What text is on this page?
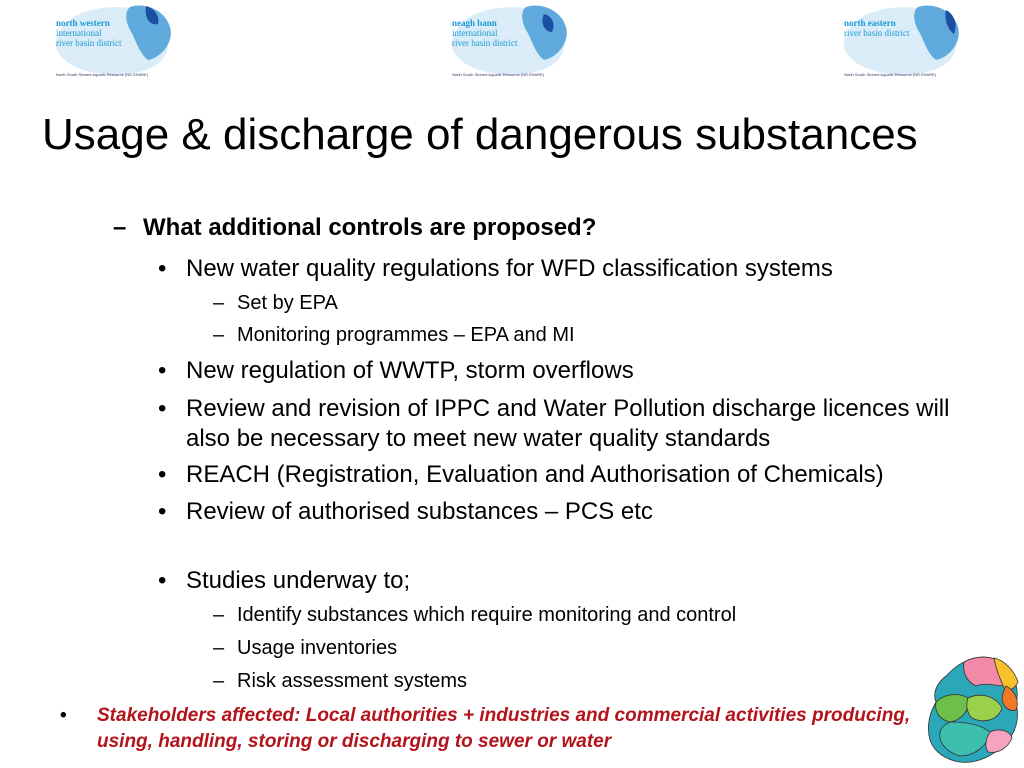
north western
international
river basin district
North South Shared Aquatic Resource (NS SHARE)
neagh bann
international
river basin district
North South Shared Aquatic Resource (NS SHARE)
north eastern
river basin district
North South Shared Aquatic Resource (NS SHARE)
Usage & discharge of dangerous substances
– What additional controls are proposed?
• New water quality regulations for WFD classification systems
– Set by EPA
– Monitoring programmes – EPA and MI
• New regulation of WWTP, storm overflows
• Review and revision of IPPC and Water Pollution discharge licences will
also be necessary to meet new water quality standards
• REACH (Registration, Evaluation and Authorisation of Chemicals)
• Review of authorised substances – PCS etc
• Studies underway to;
– Identify substances which require monitoring and control
– Usage inventories
– Risk assessment systems
• Stakeholders affected: Local authorities + industries and commercial activities producing,
using, handling, storing or discharging to sewer or water
